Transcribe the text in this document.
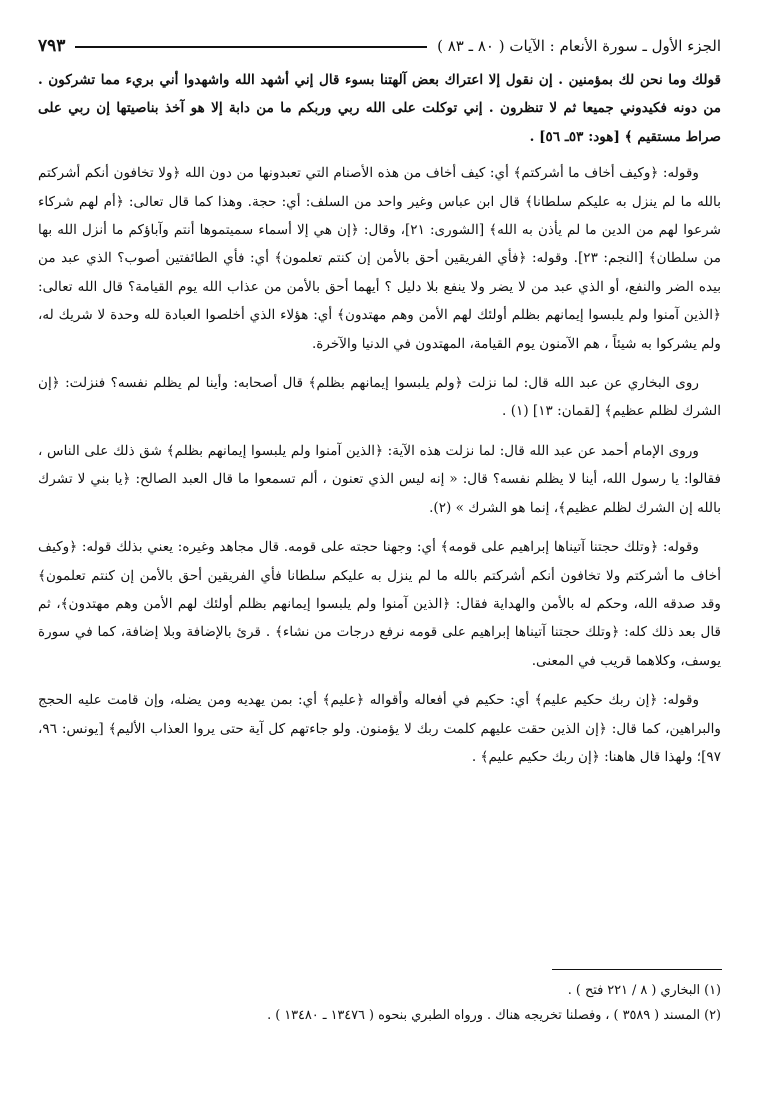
الجزء الأول ـ سورة الأنعام : الآيات ( ٨٠ ـ ٨٣ )
٧٩٣

قولك وما نحن لك بمؤمنين . إن نقول إلا اعتراك بعض آلهتنا بسوء قال إني أشهد الله واشهدوا أني بريء مما تشركون . من دونه فكيدوني جميعا ثم لا تنظرون . إني توكلت على الله ربي وربكم ما من دابة إلا هو آخذ بناصيتها إن ربي على صراط مستقيم ﴾ [هود: ٥٣ـ ٥٦] .

وقوله: ﴿وكيف أخاف ما أشركتم﴾ أي: كيف أخاف من هذه الأصنام التي تعبدونها من دون الله ﴿ولا تخافون أنكم أشركتم بالله ما لم ينزل به عليكم سلطانا﴾ قال ابن عباس وغير واحد من السلف: أي: حجة. وهذا كما قال تعالى: ﴿أم لهم شركاء شرعوا لهم من الدين ما لم يأذن به الله﴾ [الشورى: ٢١]، وقال: ﴿إن هي إلا أسماء سميتموها أنتم وآباؤكم ما أنزل الله بها من سلطان﴾ [النجم: ٢٣]. وقوله: ﴿فأي الفريقين أحق بالأمن إن كنتم تعلمون﴾ أي: فأي الطائفتين أصوب؟ الذي عبد من بيده الضر والنفع، أو الذي عبد من لا يضر ولا ينفع بلا دليل ؟ أيهما أحق بالأمن من عذاب الله يوم القيامة؟ قال الله تعالى: ﴿الذين آمنوا ولم يلبسوا إيمانهم بظلم أولئك لهم الأمن وهم مهتدون﴾ أي: هؤلاء الذي أخلصوا العبادة لله وحدة لا شريك له، ولم يشركوا به شيئاً ، هم الآمنون يوم القيامة، المهتدون في الدنيا والآخرة.

روى البخاري عن عبد الله قال: لما نزلت ﴿ولم يلبسوا إيمانهم بظلم﴾ قال أصحابه: وأينا لم يظلم نفسه؟ فنزلت: ﴿إن الشرك لظلم عظيم﴾ [لقمان: ١٣] (١) .

وروى الإمام أحمد عن عبد الله قال: لما نزلت هذه الآية: ﴿الذين آمنوا ولم يلبسوا إيمانهم بظلم﴾ شق ذلك على الناس ، فقالوا: يا رسول الله، أينا لا يظلم نفسه؟ قال: « إنه ليس الذي تعنون ، ألم تسمعوا ما قال العبد الصالح: ﴿يا بني لا تشرك بالله إن الشرك لظلم عظيم﴾، إنما هو الشرك » (٢).

وقوله: ﴿وتلك حجتنا آتيناها إبراهيم على قومه﴾ أي: وجهنا حجته على قومه. قال مجاهد وغيره: يعني بذلك قوله: ﴿وكيف أخاف ما أشركتم ولا تخافون أنكم أشركتم بالله ما لم ينزل به عليكم سلطانا فأي الفريقين أحق بالأمن إن كنتم تعلمون﴾ وقد صدقه الله، وحكم له بالأمن والهداية فقال: ﴿الذين آمنوا ولم يلبسوا إيمانهم بظلم أولئك لهم الأمن وهم مهتدون﴾، ثم قال بعد ذلك كله: ﴿وتلك حجتنا آتيناها إبراهيم على قومه نرفع درجات من نشاء﴾ . قرئ بالإضافة وبلا إضافة، كما في سورة يوسف، وكلاهما قريب في المعنى.

وقوله: ﴿إن ربك حكيم عليم﴾ أي: حكيم في أفعاله وأقواله ﴿عليم﴾ أي: بمن يهديه ومن يضله، وإن قامت عليه الحجج والبراهين، كما قال: ﴿إن الذين حقت عليهم كلمت ربك لا يؤمنون. ولو جاءتهم كل آية حتى يروا العذاب الأليم﴾ [يونس: ٩٦، ٩٧]؛ ولهذا قال هاهنا: ﴿إن ربك حكيم عليم﴾ .

(١) البخاري ( ٨ / ٢٢١ فتح ) .

(٢) المسند ( ٣٥٨٩ ) ، وفصلنا تخريجه هناك . ورواه الطبري بنحوه ( ١٣٤٧٦ ـ ١٣٤٨٠ ) .
